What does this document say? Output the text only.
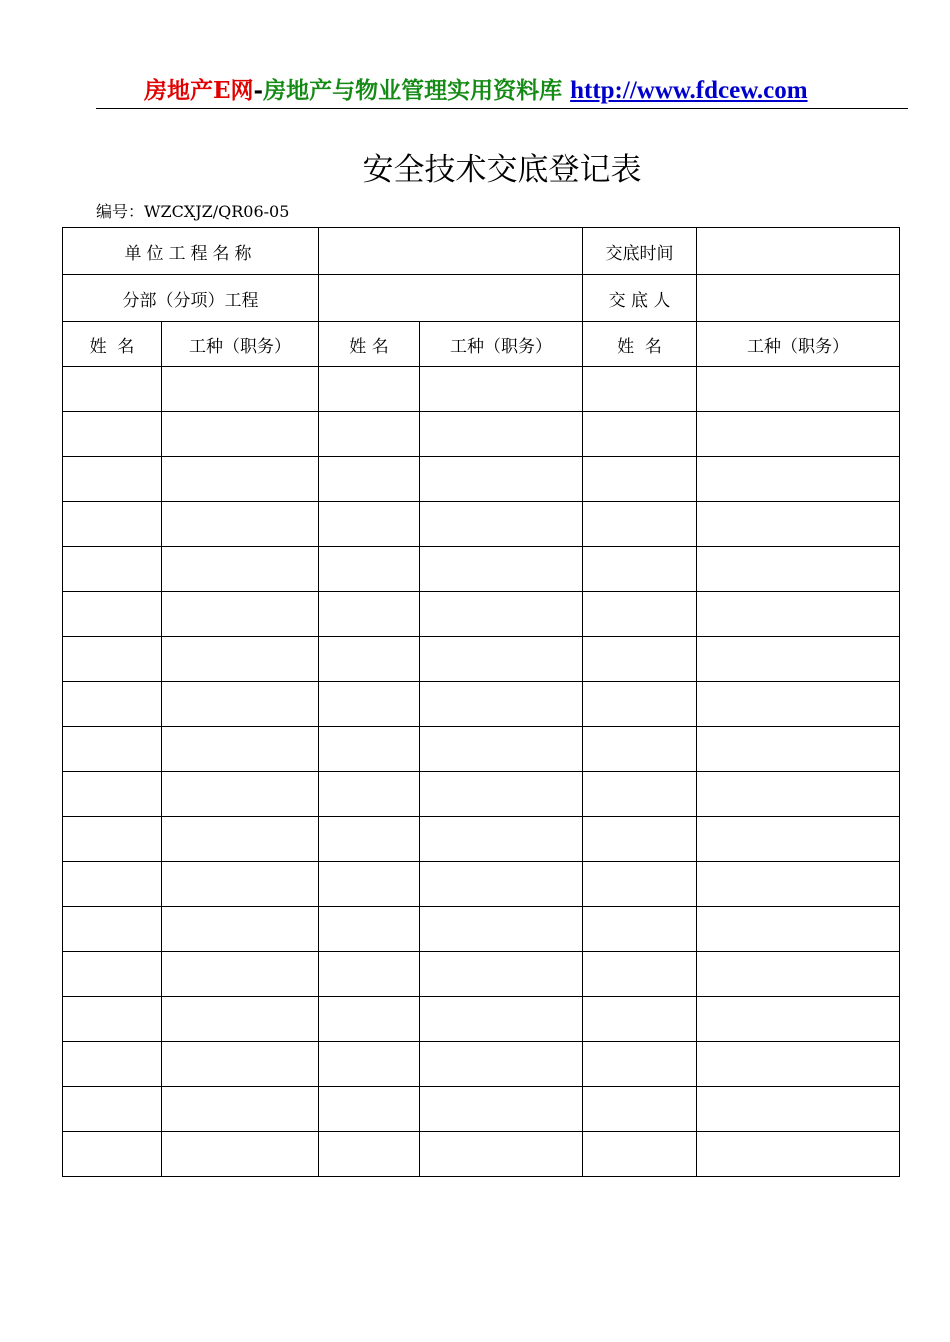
房地产E网-房地产与物业管理实用资料库 http://www.fdcew.com
安全技术交底登记表
编号：WZCXJZ/QR06-05
单位工程名称				交底时间	
分部（分项）工程				交 底 人	
姓  名	工种（职务）	姓 名	工种（职务）	姓  名	工种（职务）
